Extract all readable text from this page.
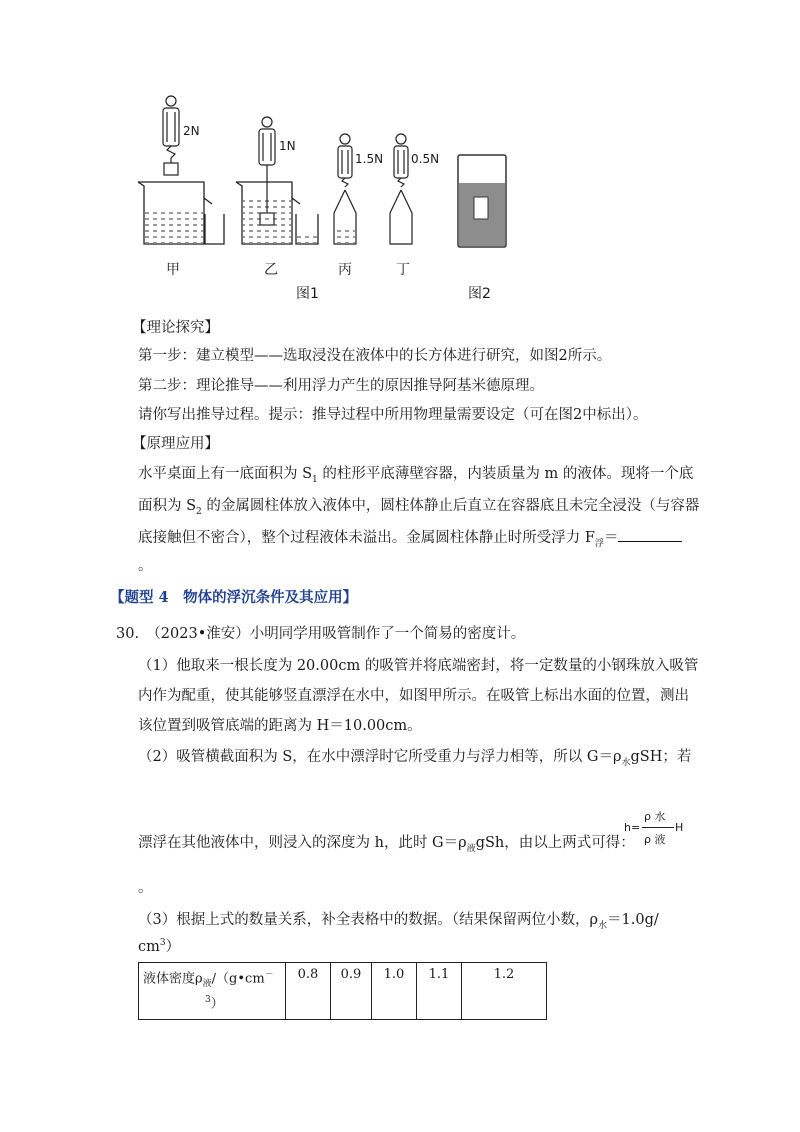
2N
1N
1.5N 0.5N
甲	乙	丙	丁
图1	图2
【理论探究】
第一步：建立模型——选取浸没在液体中的长方体进行研究，如图2所示。
第二步：理论推导——利用浮力产生的原因推导阿基米德原理。
请你写出推导过程。提示：推导过程中所用物理量需要设定（可在图2中标出）。
【原理应用】
水平桌面上有一底面积为 $S_1$ 的柱形平底薄壁容器，内装质量为 m 的液体。现将一个底
面积为 $S_2$ 的金属圆柱体放入液体中，圆柱体静止后直立在容器底且未完全浸没（与容器
底接触但不密合），整个过程液体未溢出。金属圆柱体静止时所受浮力 $F_浮=$
。
【题型 4　物体的浮沉条件及其应用】
30.　（2023•淮安）小明同学用吸管制作了一个简易的密度计。
（1）他取来一根长度为 20.00cm 的吸管并将底端密封，将一定数量的小钢珠放入吸管
内作为配重，使其能够竖直漂浮在水中，如图甲所示。在吸管上标出水面的位置，测出
该位置到吸管底端的距离为 H＝10.00cm。
（2）吸管横截面积为 S，在水中漂浮时它所受重力与浮力相等，所以 $G=\rho_水gSH$；若
漂浮在其他液体中，则浸入的深度为 h，此时 $G=\rho_液gSh$，由以上两式可得：
h=
ρ 水
ρ 液
H
。
（3）根据上式的数量关系，补全表格中的数据。（结果保留两位小数，$\rho_水=1.0g/$
$cm^3$）
液体密度$\rho_液/(g•cm^-$
$^3$）	0.8	0.9	1.0	1.1	1.2
